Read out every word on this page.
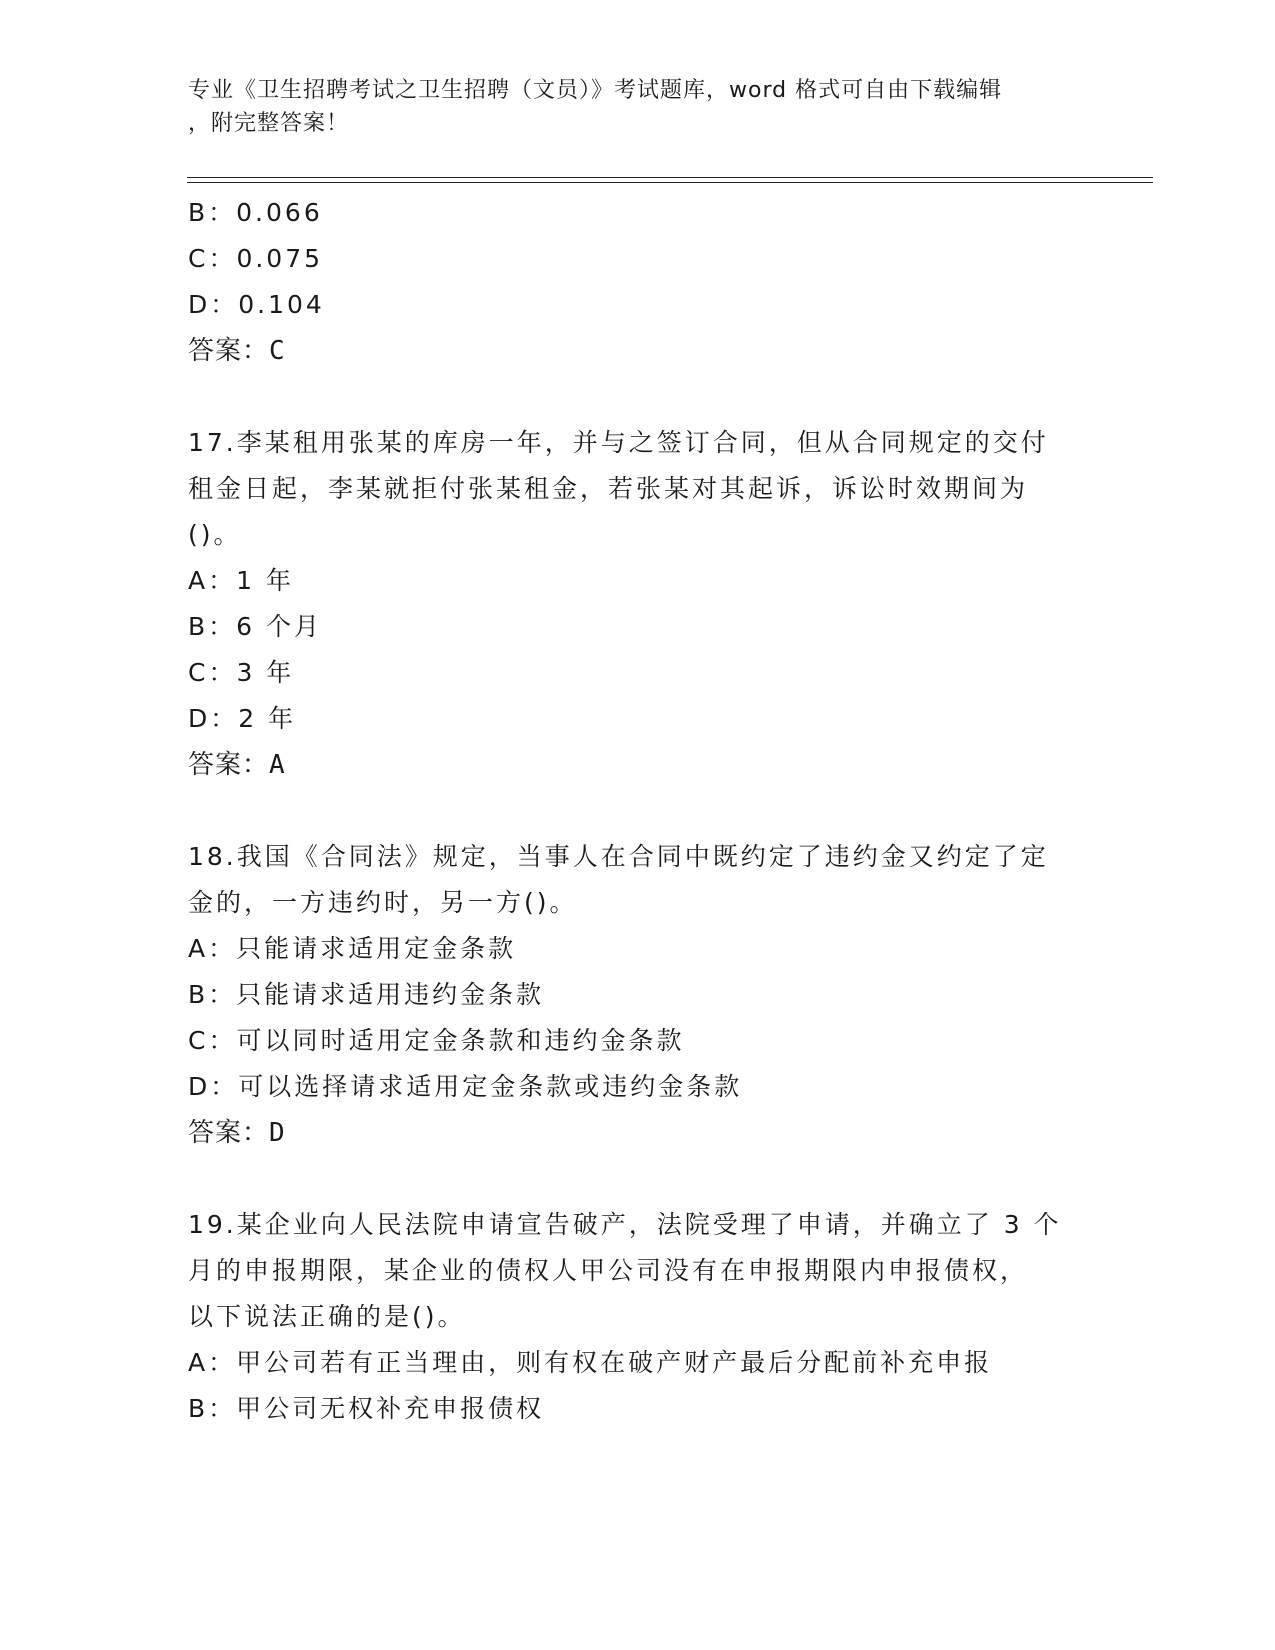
专业《卫生招聘考试之卫生招聘（文员）》考试题库，word 格式可自由下载编辑
，附完整答案！
B：0.066
C：0.075
D：0.104
答案：C
17.李某租用张某的库房一年，并与之签订合同，但从合同规定的交付
租金日起，李某就拒付张某租金，若张某对其起诉，诉讼时效期间为
()。
A：1 年
B：6 个月
C：3 年
D：2 年
答案：A
18.我国《合同法》规定，当事人在合同中既约定了违约金又约定了定
金的，一方违约时，另一方()。
A：只能请求适用定金条款
B：只能请求适用违约金条款
C：可以同时适用定金条款和违约金条款
D：可以选择请求适用定金条款或违约金条款
答案：D
19.某企业向人民法院申请宣告破产，法院受理了申请，并确立了 3 个
月的申报期限，某企业的债权人甲公司没有在申报期限内申报债权，
以下说法正确的是()。
A：甲公司若有正当理由，则有权在破产财产最后分配前补充申报
B：甲公司无权补充申报债权
